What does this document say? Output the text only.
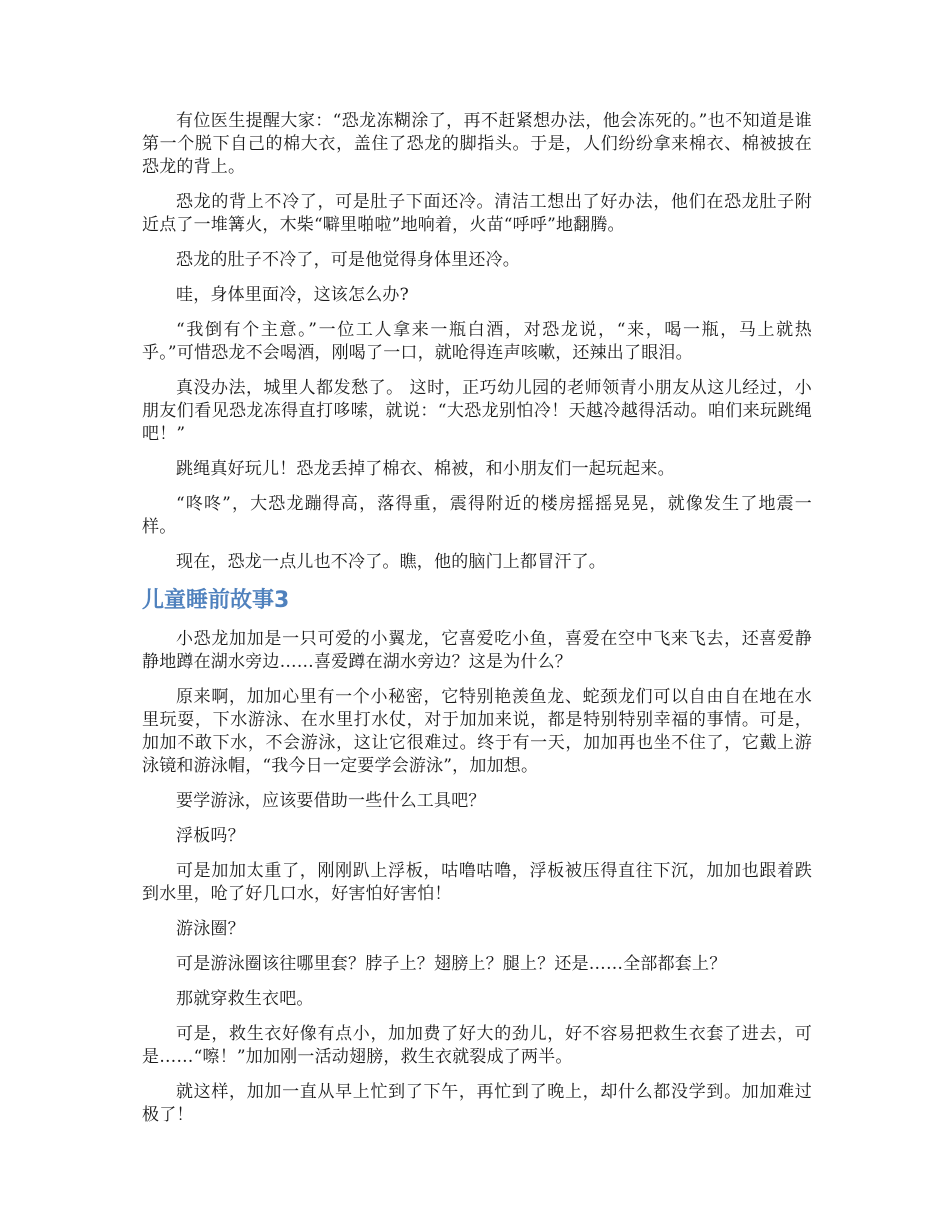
有位医生提醒大家：“恐龙冻糊涂了，再不赶紧想办法，他会冻死的。”也不知道是谁第一个脱下自己的棉大衣，盖住了恐龙的脚指头。于是，人们纷纷拿来棉衣、棉被披在恐龙的背上。

恐龙的背上不冷了，可是肚子下面还冷。清洁工想出了好办法，他们在恐龙肚子附近点了一堆篝火，木柴“噼里啪啦”地响着，火苗“呼呼”地翻腾。

恐龙的肚子不冷了，可是他觉得身体里还冷。

哇，身体里面冷，这该怎么办?

“我倒有个主意。”一位工人拿来一瓶白酒，对恐龙说，“来，喝一瓶，马上就热乎。”可惜恐龙不会喝酒，刚喝了一口，就呛得连声咳嗽，还辣出了眼泪。

真没办法，城里人都发愁了。 这时，正巧幼儿园的老师领青小朋友从这儿经过，小朋友们看见恐龙冻得直打哆嗦，就说：“大恐龙别怕冷！天越冷越得活动。咱们来玩跳绳吧！”

跳绳真好玩儿！恐龙丢掉了棉衣、棉被，和小朋友们一起玩起来。

“咚咚”，大恐龙蹦得高，落得重，震得附近的楼房摇摇晃晃，就像发生了地震一样。

现在，恐龙一点儿也不冷了。瞧，他的脑门上都冒汗了。

儿童睡前故事3

小恐龙加加是一只可爱的小翼龙，它喜爱吃小鱼，喜爱在空中飞来飞去，还喜爱静静地蹲在湖水旁边……喜爱蹲在湖水旁边？这是为什么？

原来啊，加加心里有一个小秘密，它特别艳羡鱼龙、蛇颈龙们可以自由自在地在水里玩耍，下水游泳、在水里打水仗，对于加加来说，都是特别特别幸福的事情。可是，加加不敢下水，不会游泳，这让它很难过。终于有一天，加加再也坐不住了，它戴上游泳镜和游泳帽，“我今日一定要学会游泳”，加加想。

要学游泳，应该要借助一些什么工具吧？

浮板吗？

可是加加太重了，刚刚趴上浮板，咕噜咕噜，浮板被压得直往下沉，加加也跟着跌到水里，呛了好几口水，好害怕好害怕！

游泳圈？

可是游泳圈该往哪里套？脖子上？翅膀上？腿上？还是……全部都套上？

那就穿救生衣吧。

可是，救生衣好像有点小，加加费了好大的劲儿，好不容易把救生衣套了进去，可是……“嚓！”加加刚一活动翅膀，救生衣就裂成了两半。

就这样，加加一直从早上忙到了下午，再忙到了晚上，却什么都没学到。加加难过极了！
